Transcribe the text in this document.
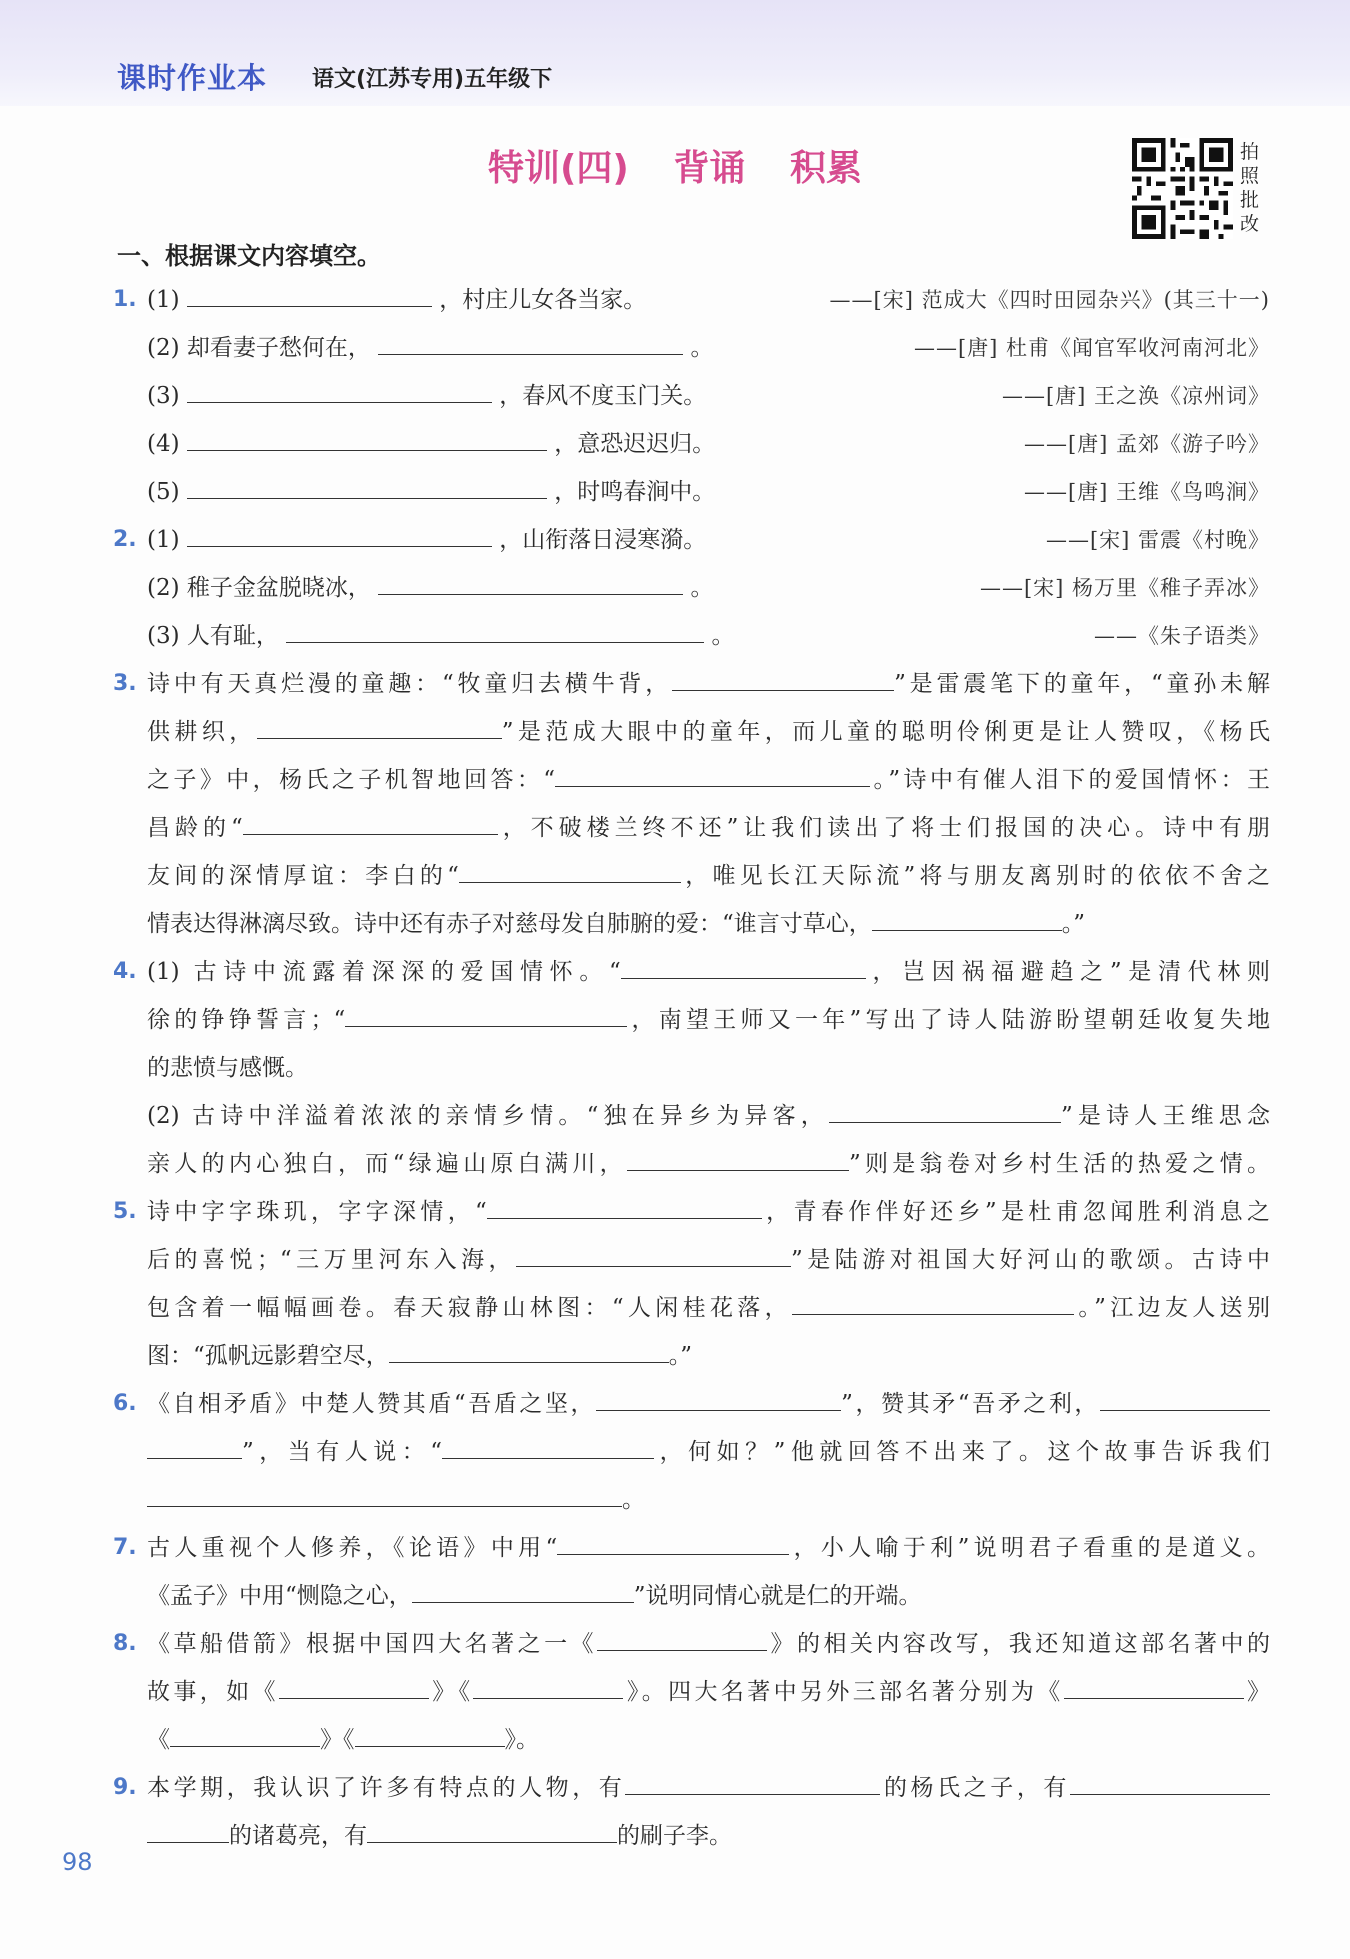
课时作业本 语文(江苏专用)五年级下
特训(四) 背诵 积累	拍照批改
一、根据课文内容填空。
1. (1)	，村庄儿女各当家。	——[宋] 范成大《四时田园杂兴》(其三十一)
(2) 却看妻子愁何在，	。	——[唐] 杜甫《闻官军收河南河北》
(3)	，春风不度玉门关。	——[唐] 王之涣《凉州词》
(4)	，意恐迟迟归。	——[唐] 孟郊《游子吟》
(5)	，时鸣春涧中。	——[唐] 王维《鸟鸣涧》
2. (1)	，山衔落日浸寒漪。	——[宋] 雷震《村晚》
(2) 稚子金盆脱晓冰，	。	——[宋] 杨万里《稚子弄冰》
(3) 人有耻，	。	——《朱子语类》
3. 诗中有天真烂漫的童趣：“牧童归去横牛背，	”是雷震笔下的童年，“童孙未解
供耕织，	”是范成大眼中的童年，而儿童的聪明伶俐更是让人赞叹，《杨氏
之子》中，杨氏之子机智地回答：“	。”诗中有催人泪下的爱国情怀：王
昌龄的“	，不破楼兰终不还”让我们读出了将士们报国的决心。诗中有朋
友间的深情厚谊：李白的“	，唯见长江天际流”将与朋友离别时的依依不舍之
情表达得淋漓尽致。诗中还有赤子对慈母发自肺腑的爱：“谁言寸草心，	。”
4. (1) 古诗中流露着深深的爱国情怀。“	，岂因祸福避趋之”是清代林则
徐的铮铮誓言；“	，南望王师又一年”写出了诗人陆游盼望朝廷收复失地
的悲愤与感慨。
(2) 古诗中洋溢着浓浓的亲情乡情。“独在异乡为异客，	”是诗人王维思念
亲人的内心独白，而“绿遍山原白满川，	”则是翁卷对乡村生活的热爱之情。
5. 诗中字字珠玑，字字深情，“	，青春作伴好还乡”是杜甫忽闻胜利消息之
后的喜悦；“三万里河东入海，	”是陆游对祖国大好河山的歌颂。古诗中
包含着一幅幅画卷。春天寂静山林图：“人闲桂花落，	。”江边友人送别
图：“孤帆远影碧空尽，	。”
6. 《自相矛盾》中楚人赞其盾“吾盾之坚，	”，赞其矛“吾矛之利，
”，当有人说：“	，何如？”他就回答不出来了。这个故事告诉我们
。
7. 古人重视个人修养，《论语》中用“	，小人喻于利”说明君子看重的是道义。
《孟子》中用“恻隐之心，	”说明同情心就是仁的开端。
8. 《草船借箭》根据中国四大名著之一《	》的相关内容改写，我还知道这部名著中的
故事，如《	》《	》。四大名著中另外三部名著分别为《	》
《	》《	》。
9. 本学期，我认识了许多有特点的人物，有	的杨氏之子，有
的诸葛亮，有	的刷子李。
98
